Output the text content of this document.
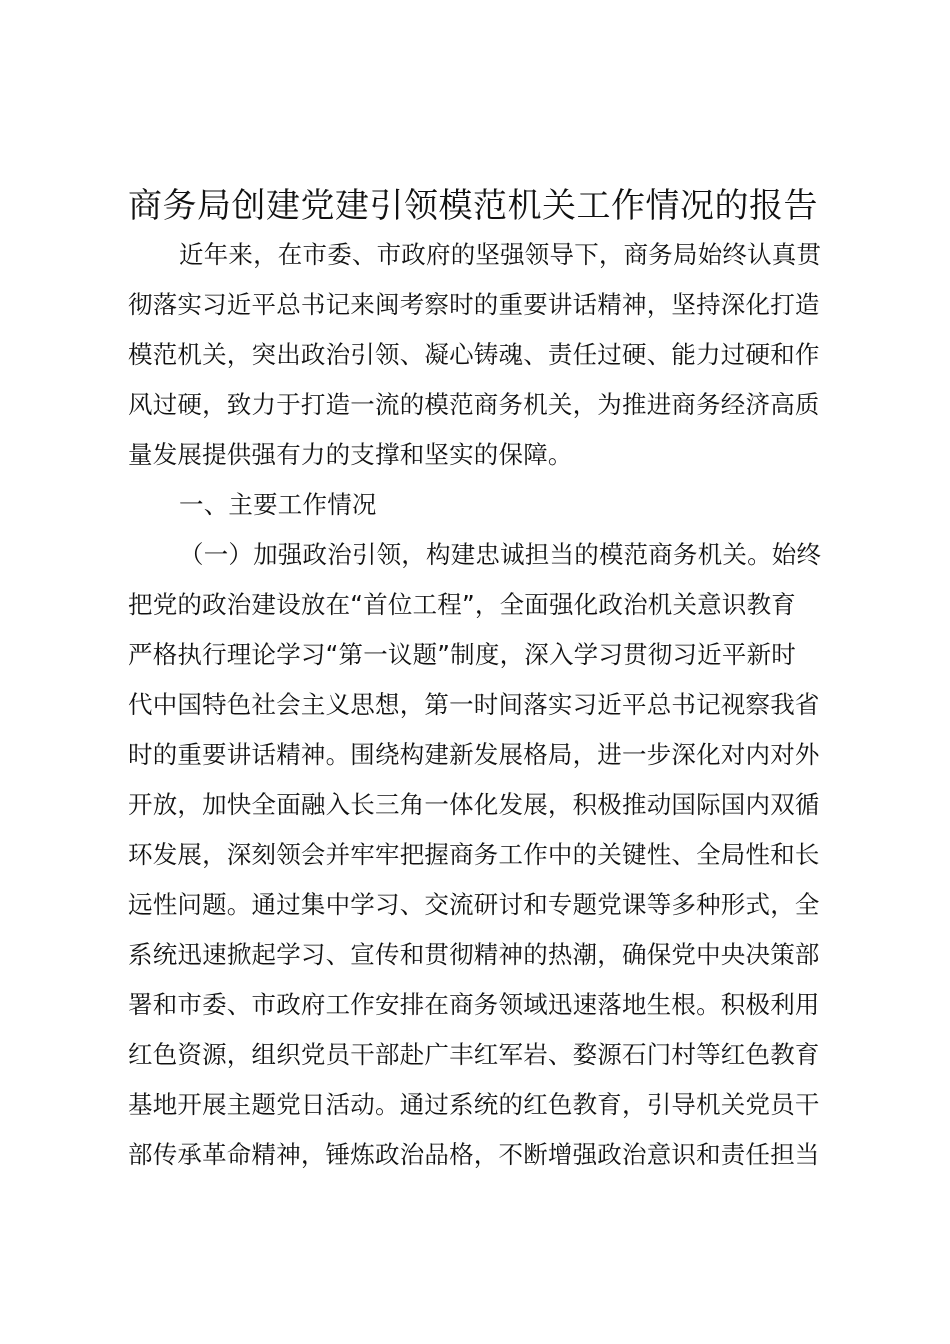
商务局创建党建引领模范机关工作情况的报告
近年来，在市委、市政府的坚强领导下，商务局始终认真贯
彻落实习近平总书记来闽考察时的重要讲话精神，坚持深化打造
模范机关，突出政治引领、凝心铸魂、责任过硬、能力过硬和作
风过硬，致力于打造一流的模范商务机关，为推进商务经济高质
量发展提供强有力的支撑和坚实的保障。
一、主要工作情况
（一）加强政治引领，构建忠诚担当的模范商务机关。始终
把党的政治建设放在“首位工程”，全面强化政治机关意识教育
严格执行理论学习“第一议题”制度，深入学习贯彻习近平新时
代中国特色社会主义思想，第一时间落实习近平总书记视察我省
时的重要讲话精神。围绕构建新发展格局，进一步深化对内对外
开放，加快全面融入长三角一体化发展，积极推动国际国内双循
环发展，深刻领会并牢牢把握商务工作中的关键性、全局性和长
远性问题。通过集中学习、交流研讨和专题党课等多种形式，全
系统迅速掀起学习、宣传和贯彻精神的热潮，确保党中央决策部
署和市委、市政府工作安排在商务领域迅速落地生根。积极利用
红色资源，组织党员干部赴广丰红军岩、婺源石门村等红色教育
基地开展主题党日活动。通过系统的红色教育，引导机关党员干
部传承革命精神，锤炼政治品格，不断增强政治意识和责任担当
